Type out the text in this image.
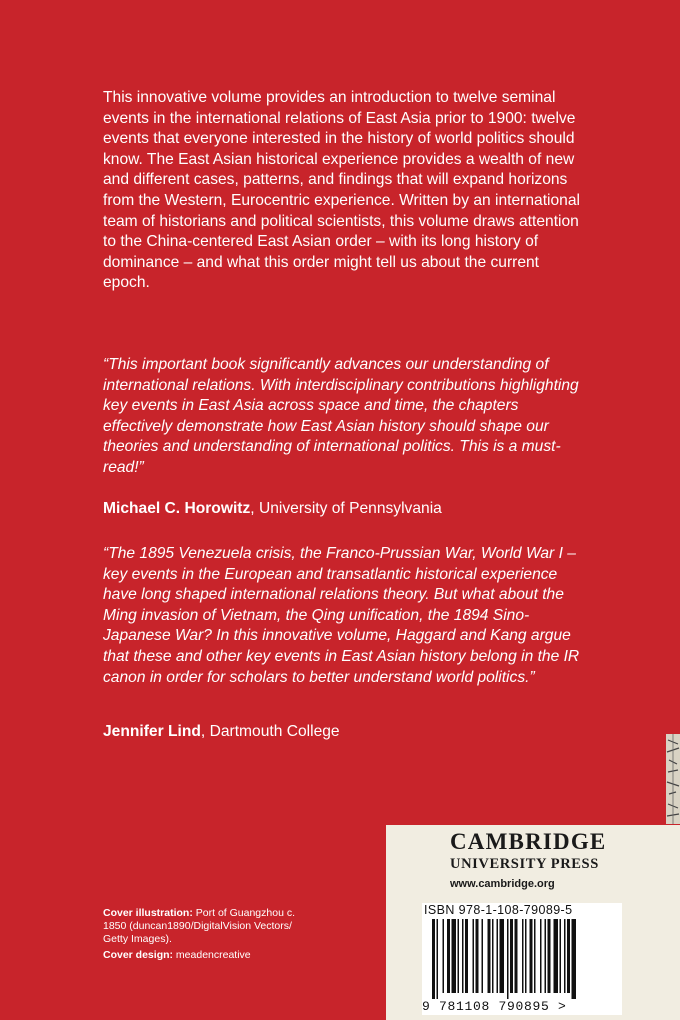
This innovative volume provides an introduction to twelve seminal events in the international relations of East Asia prior to 1900: twelve events that everyone interested in the history of world politics should know. The East Asian historical experience provides a wealth of new and different cases, patterns, and findings that will expand horizons from the Western, Eurocentric experience. Written by an international team of historians and political scientists, this volume draws attention to the China-centered East Asian order – with its long history of dominance – and what this order might tell us about the current epoch.

“This important book significantly advances our understanding of international relations. With interdisciplinary contributions highlighting key events in East Asia across space and time, the chapters effectively demonstrate how East Asian history should shape our theories and understanding of international politics. This is a must-read!”

Michael C. Horowitz, University of Pennsylvania

“The 1895 Venezuela crisis, the Franco-Prussian War, World War I – key events in the European and transatlantic historical experience have long shaped international relations theory. But what about the Ming invasion of Vietnam, the Qing unification, the 1894 Sino-Japanese War? In this innovative volume, Haggard and Kang argue that these and other key events in East Asian history belong in the IR canon in order for scholars to better understand world politics.”

Jennifer Lind, Dartmouth College

Cover illustration: Port of Guangzhou c. 1850 (duncan1890/DigitalVision Vectors/ Getty Images).

Cover design: meadencreative

CAMBRIDGE
UNIVERSITY PRESS
www.cambridge.org
ISBN 978-1-108-79089-5
9 781108 790895 >
